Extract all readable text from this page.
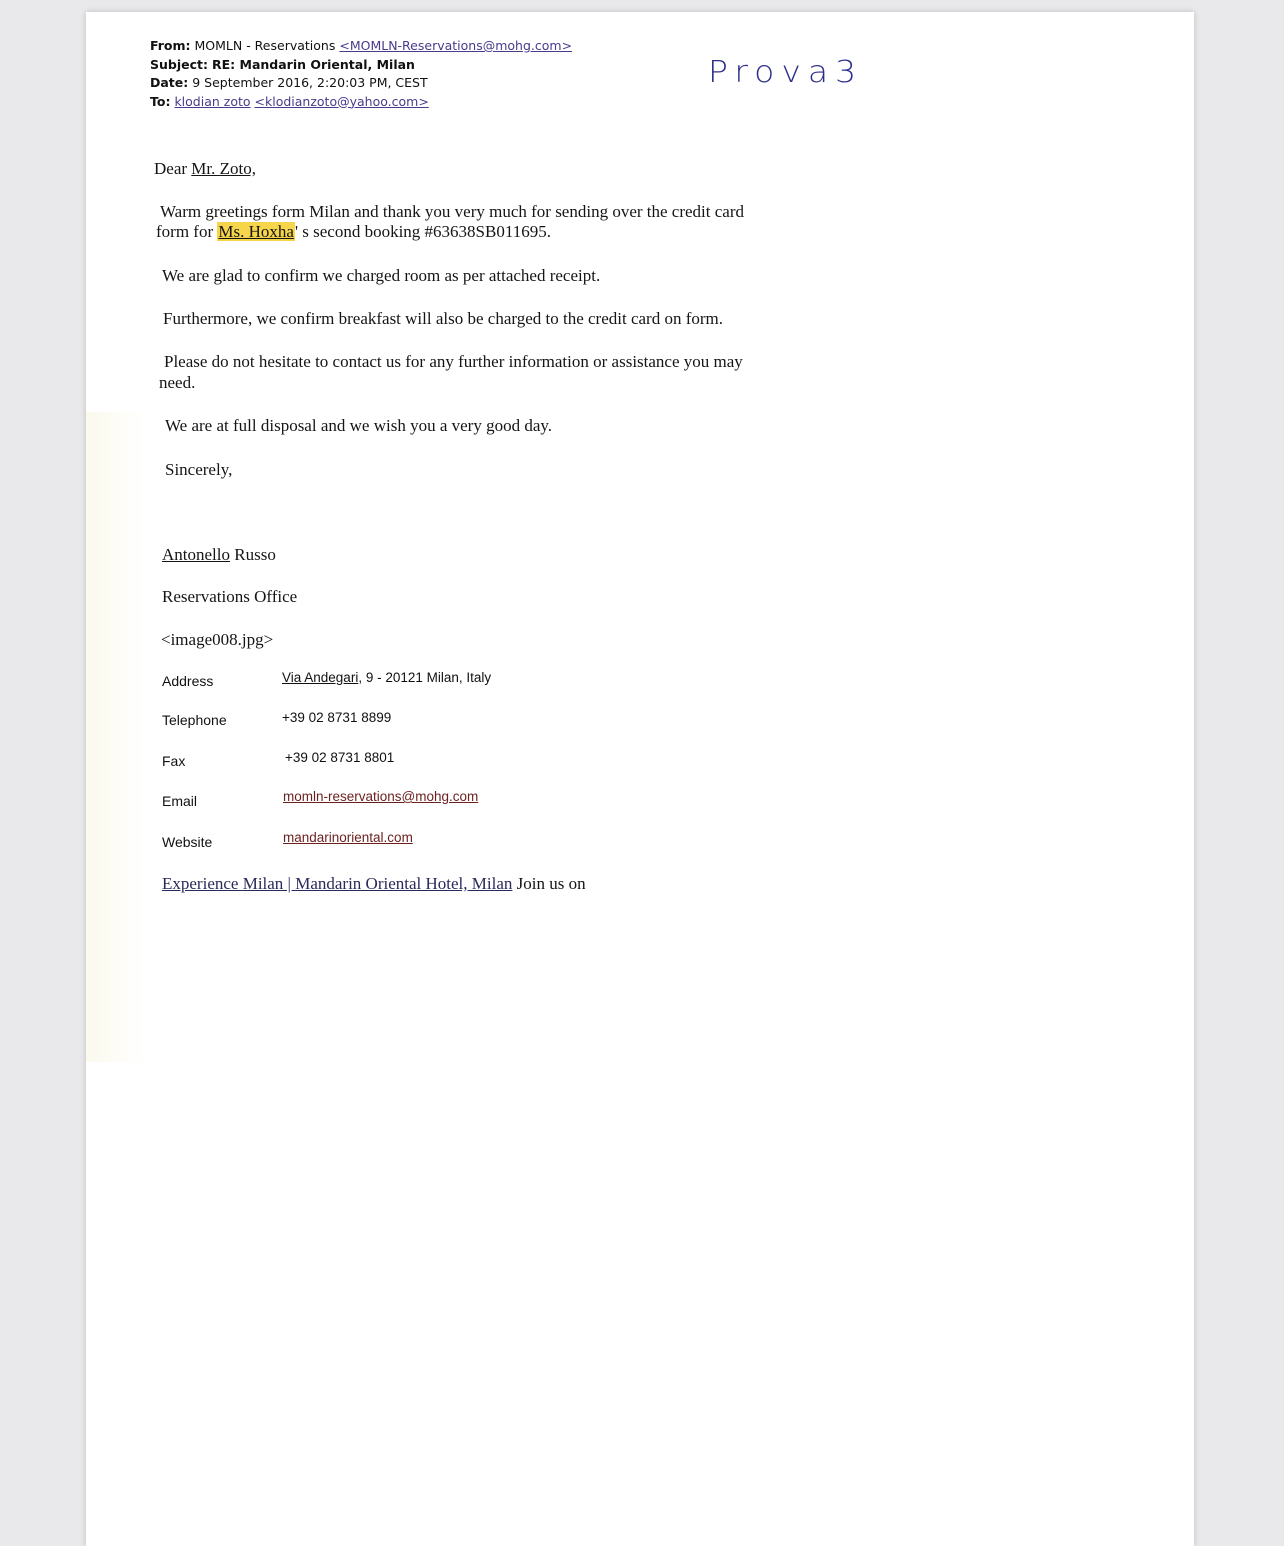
From: MOMLN - Reservations <MOMLN-Reservations@mohg.com>
Subject: RE: Mandarin Oriental, Milan
Date: 9 September 2016, 2:20:03 PM, CEST
To: klodian zoto <klodianzoto@yahoo.com>
Prova3
Dear Mr. Zoto,
Warm greetings form Milan and thank you very much for sending over the credit card
form for Ms. Hoxha' s second booking #63638SB011695.
We are glad to confirm we charged room as per attached receipt.
Furthermore, we confirm breakfast will also be charged to the credit card on form.
Please do not hesitate to contact us for any further information or assistance you may
need.
We are at full disposal and we wish you a very good day.
Sincerely,
Antonello Russo
Reservations Office
<image008.jpg>
Address	Via Andegari, 9 - 20121 Milan, Italy
Telephone	+39 02 8731 8899
Fax	+39 02 8731 8801
Email	momln-reservations@mohg.com
Website	mandarinoriental.com
Experience Milan | Mandarin Oriental Hotel, Milan Join us on
